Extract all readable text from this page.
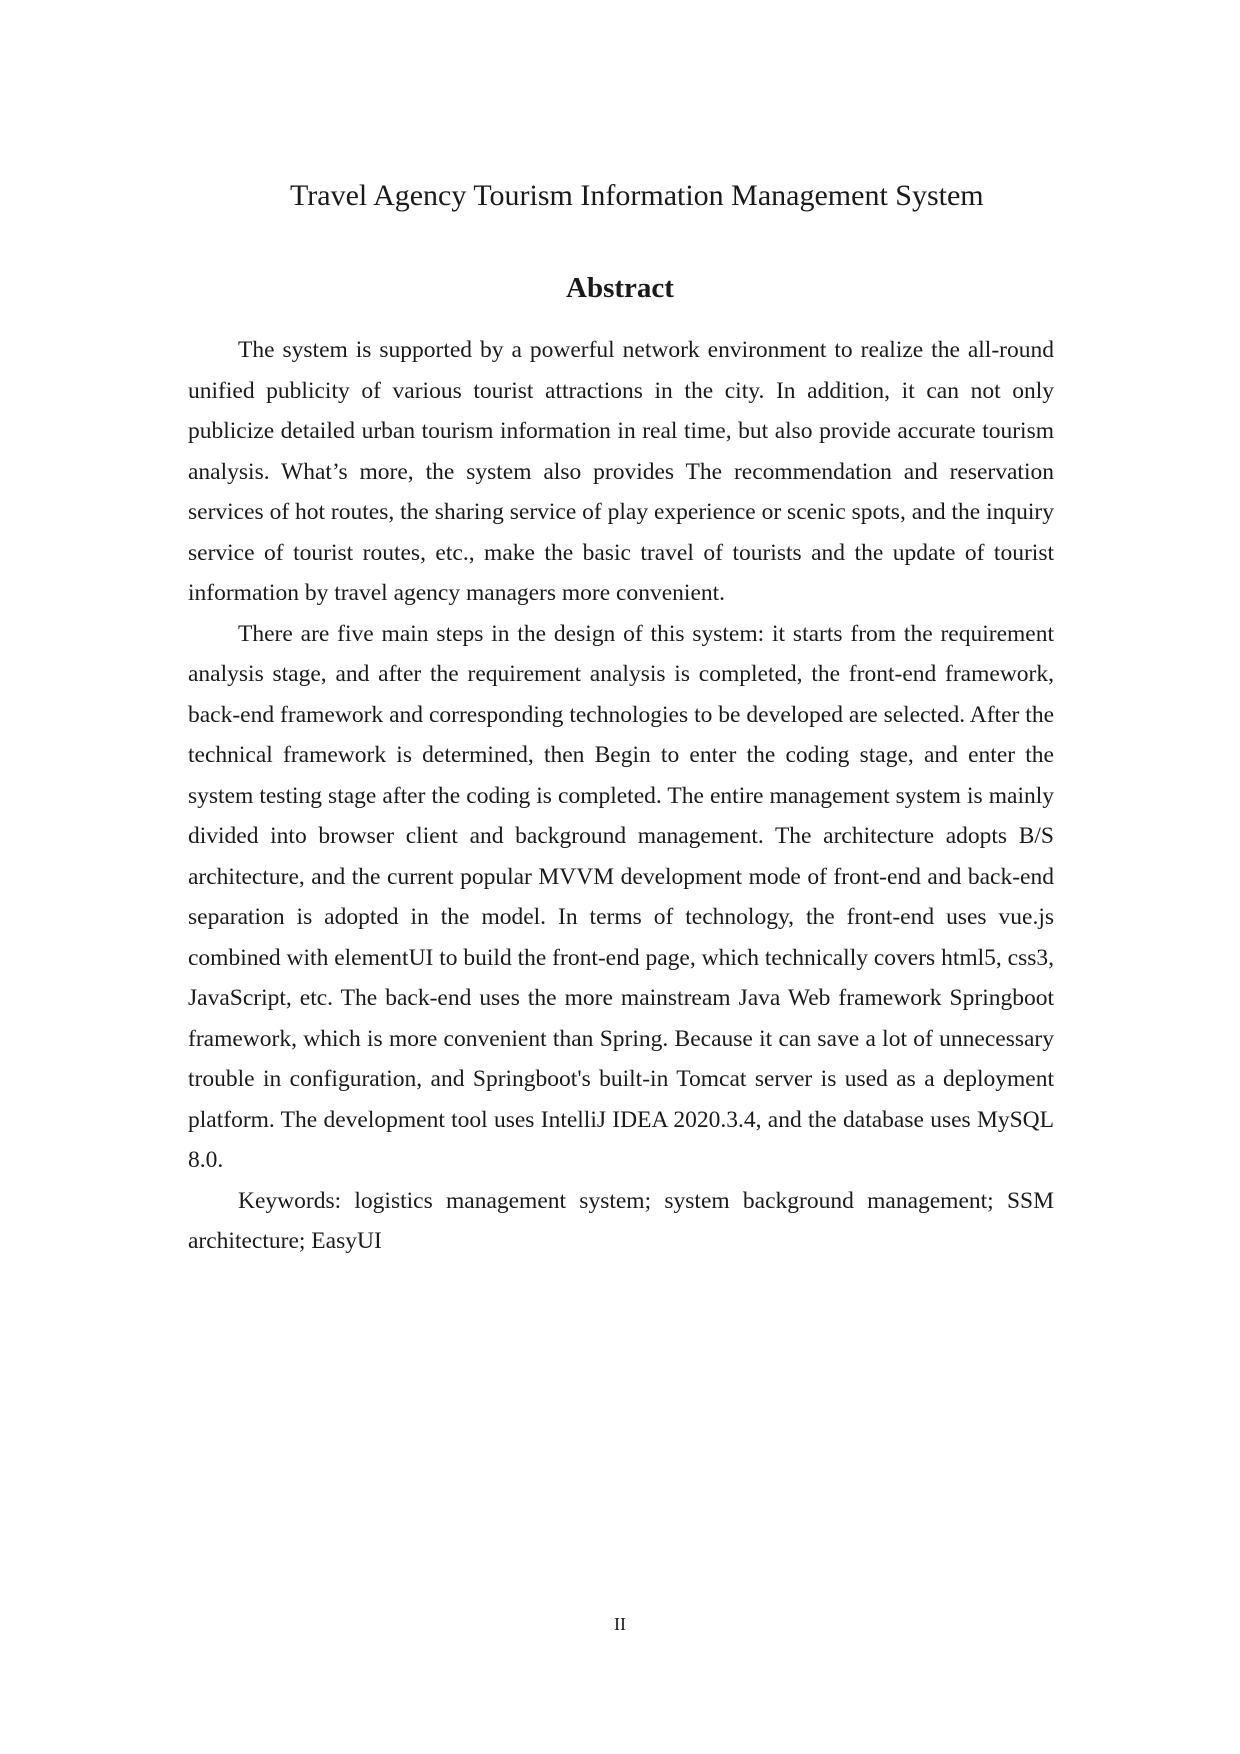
Travel Agency Tourism Information Management System
Abstract

The system is supported by a powerful network environment to realize the all-round unified publicity of various tourist attractions in the city. In addition, it can not only publicize detailed urban tourism information in real time, but also provide accurate tourism analysis. What’s more, the system also provides The recommendation and reservation services of hot routes, the sharing service of play experience or scenic spots, and the inquiry service of tourist routes, etc., make the basic travel of tourists and the update of tourist information by travel agency managers more convenient.

There are five main steps in the design of this system: it starts from the requirement analysis stage, and after the requirement analysis is completed, the front-end framework, back-end framework and corresponding technologies to be developed are selected. After the technical framework is determined, then Begin to enter the coding stage, and enter the system testing stage after the coding is completed. The entire management system is mainly divided into browser client and background management. The architecture adopts B/S architecture, and the current popular MVVM development mode of front-end and back-end separation is adopted in the model. In terms of technology, the front-end uses vue.js combined with elementUI to build the front-end page, which technically covers html5, css3, JavaScript, etc. The back-end uses the more mainstream Java Web framework Springboot framework, which is more convenient than Spring. Because it can save a lot of unnecessary trouble in configuration, and Springboot's built-in Tomcat server is used as a deployment platform. The development tool uses IntelliJ IDEA 2020.3.4, and the database uses MySQL 8.0.

Keywords: logistics management system; system background management; SSM architecture; EasyUI

II
